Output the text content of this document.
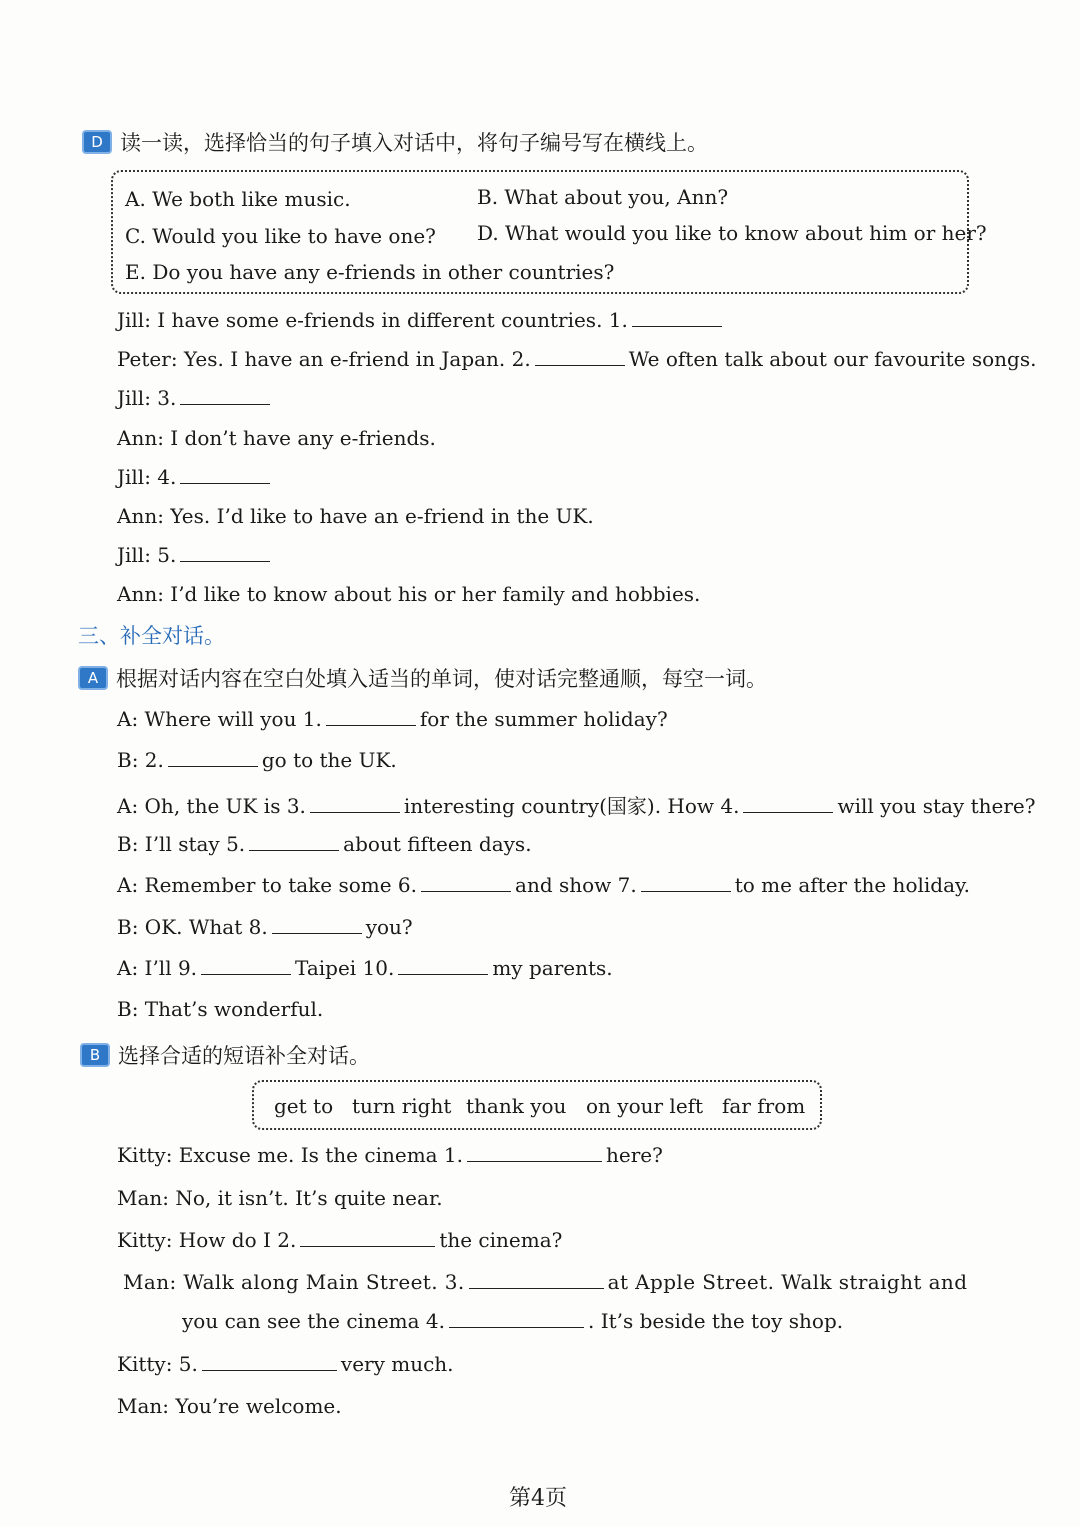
D 读一读，选择恰当的句子填入对话中，将句子编号写在横线上。
A. We both like music.	B. What about you, Ann?
C. Would you like to have one? D. What would you like to know about him or her?
E. Do you have any e-friends in other countries?
Jill: I have some e-friends in different countries. 1.
Peter: Yes. I have an e-friend in Japan. 2.	We often talk about our favourite songs.
Jill: 3.
Ann: I don’t have any e-friends.
Jill: 4.
Ann: Yes. I’d like to have an e-friend in the UK.
Jill: 5.
Ann: I’d like to know about his or her family and hobbies.
三、补全对话。
A 根据对话内容在空白处填入适当的单词，使对话完整通顺，每空一词。
A: Where will you 1.	for the summer holiday?
B: 2.	go to the UK.
A: Oh, the UK is 3.	interesting country(国家). How 4.	will you stay there?
B: I’ll stay 5.	about fifteen days.
A: Remember to take some 6.	and show 7.	to me after the holiday.
B: OK. What 8.	you?
A: I’ll 9.	Taipei 10.	my parents.
B: That’s wonderful.
B 选择合适的短语补全对话。
get to turn right thank you on your left far from
Kitty: Excuse me. Is the cinema 1.	here?
Man: No, it isn’t. It’s quite near.
Kitty: How do I 2.	the cinema?
Man: Walk along Main Street. 3.	at Apple Street. Walk straight and
you can see the cinema 4.	. It’s beside the toy shop.
Kitty: 5.	very much.
Man: You’re welcome.
第4页
